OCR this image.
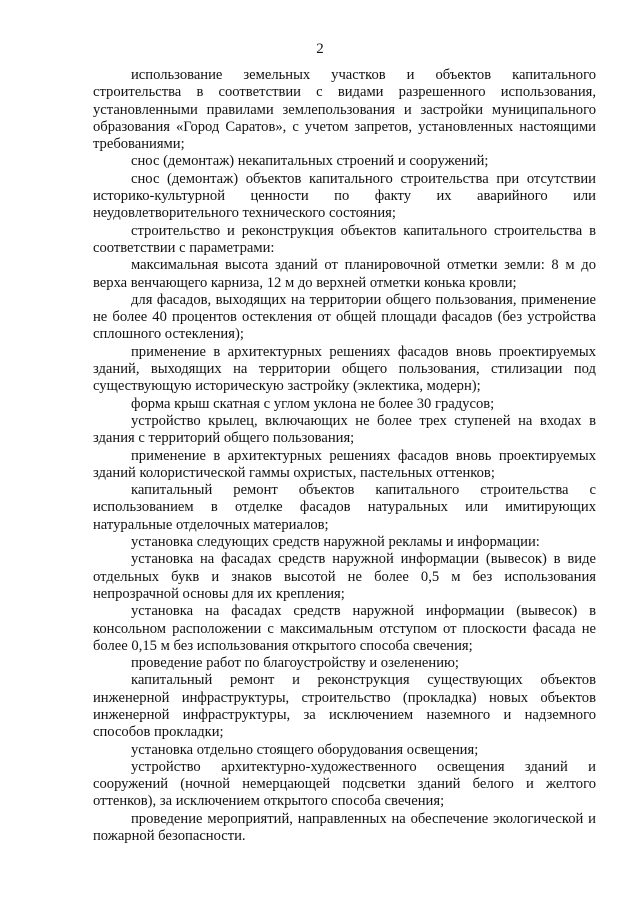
2

использование земельных участков и объектов капитального строительства в соответствии с видами разрешенного использования, установленными правилами землепользования и застройки муниципального образования «Город Саратов», с учетом запретов, установленных настоящими требованиями;

снос (демонтаж) некапитальных строений и сооружений;

снос (демонтаж) объектов капитального строительства при отсутствии историко-культурной ценности по факту их аварийного или неудовлетворительного технического состояния;

строительство и реконструкция объектов капитального строительства в соответствии с параметрами:

максимальная высота зданий от планировочной отметки земли: 8 м до верха венчающего карниза, 12 м до верхней отметки конька кровли;

для фасадов, выходящих на территории общего пользования, применение не более 40 процентов остекления от общей площади фасадов (без устройства сплошного остекления);

применение в архитектурных решениях фасадов вновь проектируемых зданий, выходящих на территории общего пользования, стилизации под существующую историческую застройку (эклектика, модерн);

форма крыш скатная с углом уклона не более 30 градусов;

устройство крылец, включающих не более трех ступеней на входах в здания с территорий общего пользования;

применение в архитектурных решениях фасадов вновь проектируемых зданий колористической гаммы охристых, пастельных оттенков;

капитальный ремонт объектов капитального строительства с использованием в отделке фасадов натуральных или имитирующих натуральные отделочных материалов;

установка следующих средств наружной рекламы и информации:

установка на фасадах средств наружной информации (вывесок) в виде отдельных букв и знаков высотой не более 0,5 м без использования непрозрачной основы для их крепления;

установка на фасадах средств наружной информации (вывесок) в консольном расположении с максимальным отступом от плоскости фасада не более 0,15 м без использования открытого способа свечения;

проведение работ по благоустройству и озеленению;

капитальный ремонт и реконструкция существующих объектов инженерной инфраструктуры, строительство (прокладка) новых объектов инженерной инфраструктуры, за исключением наземного и надземного способов прокладки;

установка отдельно стоящего оборудования освещения;

устройство архитектурно-художественного освещения зданий и сооружений (ночной немерцающей подсветки зданий белого и желтого оттенков), за исключением открытого способа свечения;

проведение мероприятий, направленных на обеспечение экологической и пожарной безопасности.
